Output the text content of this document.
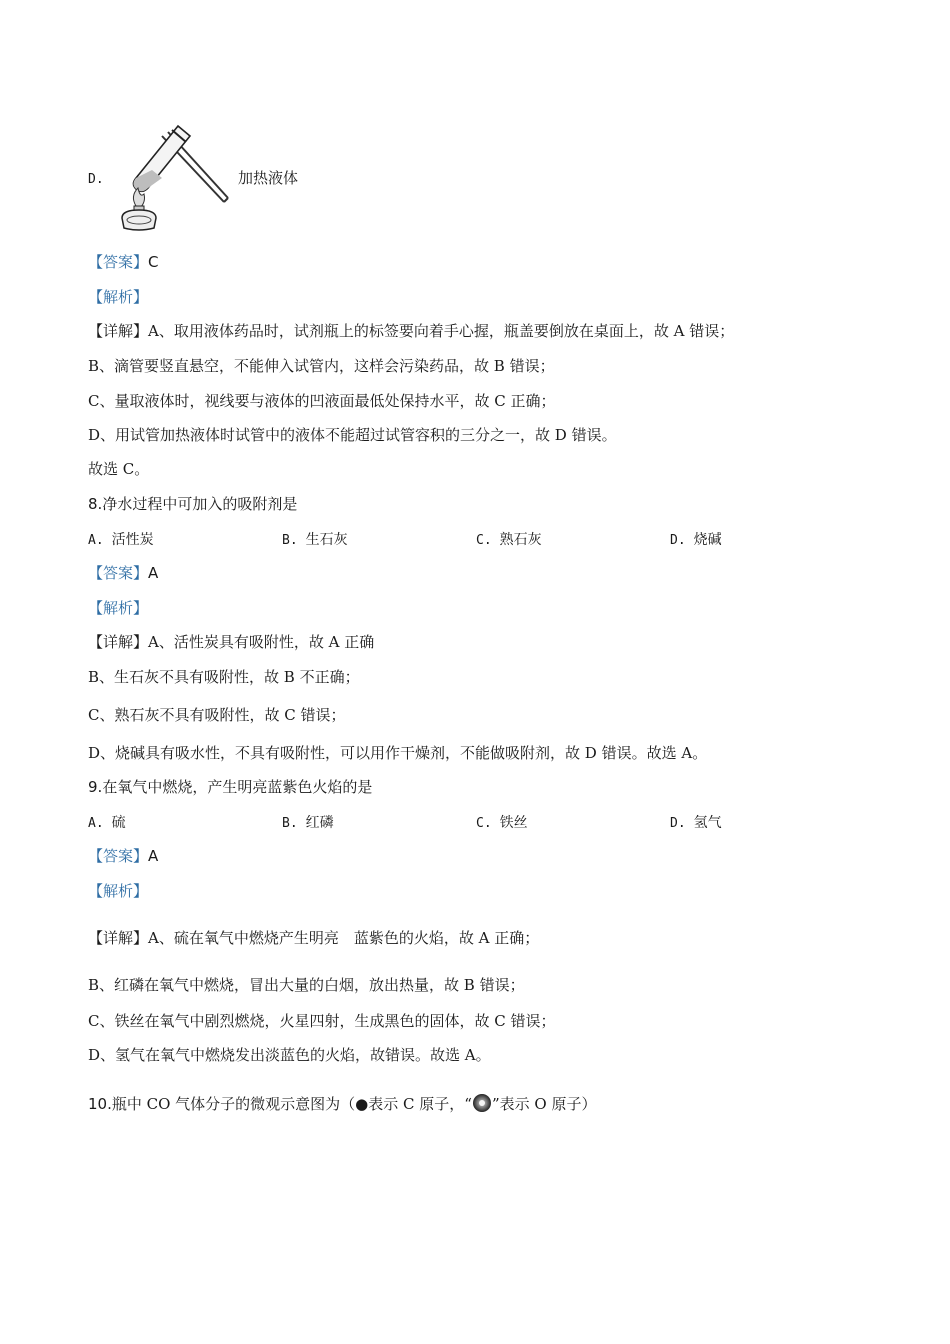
D.	加热液体
【答案】C
【解析】
【详解】A、取用液体药品时，试剂瓶上的标签要向着手心握，瓶盖要倒放在桌面上，故 A 错误；
B、滴管要竖直悬空，不能伸入试管内，这样会污染药品，故 B 错误；
C、量取液体时，视线要与液体的凹液面最低处保持水平，故 C 正确；
D、用试管加热液体时试管中的液体不能超过试管容积的三分之一，故 D 错误。
故选 C。
8.净水过程中可加入的吸附剂是
A. 活性炭	B. 生石灰	C. 熟石灰	D. 烧碱
【答案】A
【解析】
【详解】A、活性炭具有吸附性，故 A 正确
B、生石灰不具有吸附性，故 B 不正确；
C、熟石灰不具有吸附性，故 C 错误；
D、烧碱具有吸水性，不具有吸附性，可以用作干燥剂，不能做吸附剂，故 D 错误。故选 A。
9.在氧气中燃烧，产生明亮蓝紫色火焰的是
A. 硫	B. 红磷	C. 铁丝	D. 氢气
【答案】A
【解析】
【详解】A、硫在氧气中燃烧产生明亮　蓝紫色的火焰，故 A 正确；
B、红磷在氧气中燃烧，冒出大量的白烟，放出热量，故 B 错误；
C、铁丝在氧气中剧烈燃烧，火星四射，生成黑色的固体，故 C 错误；
D、氢气在氧气中燃烧发出淡蓝色的火焰，故错误。故选 A。
10.瓶中 CO 气体分子的微观示意图为（●表示 C 原子，“ ”表示 O 原子）
